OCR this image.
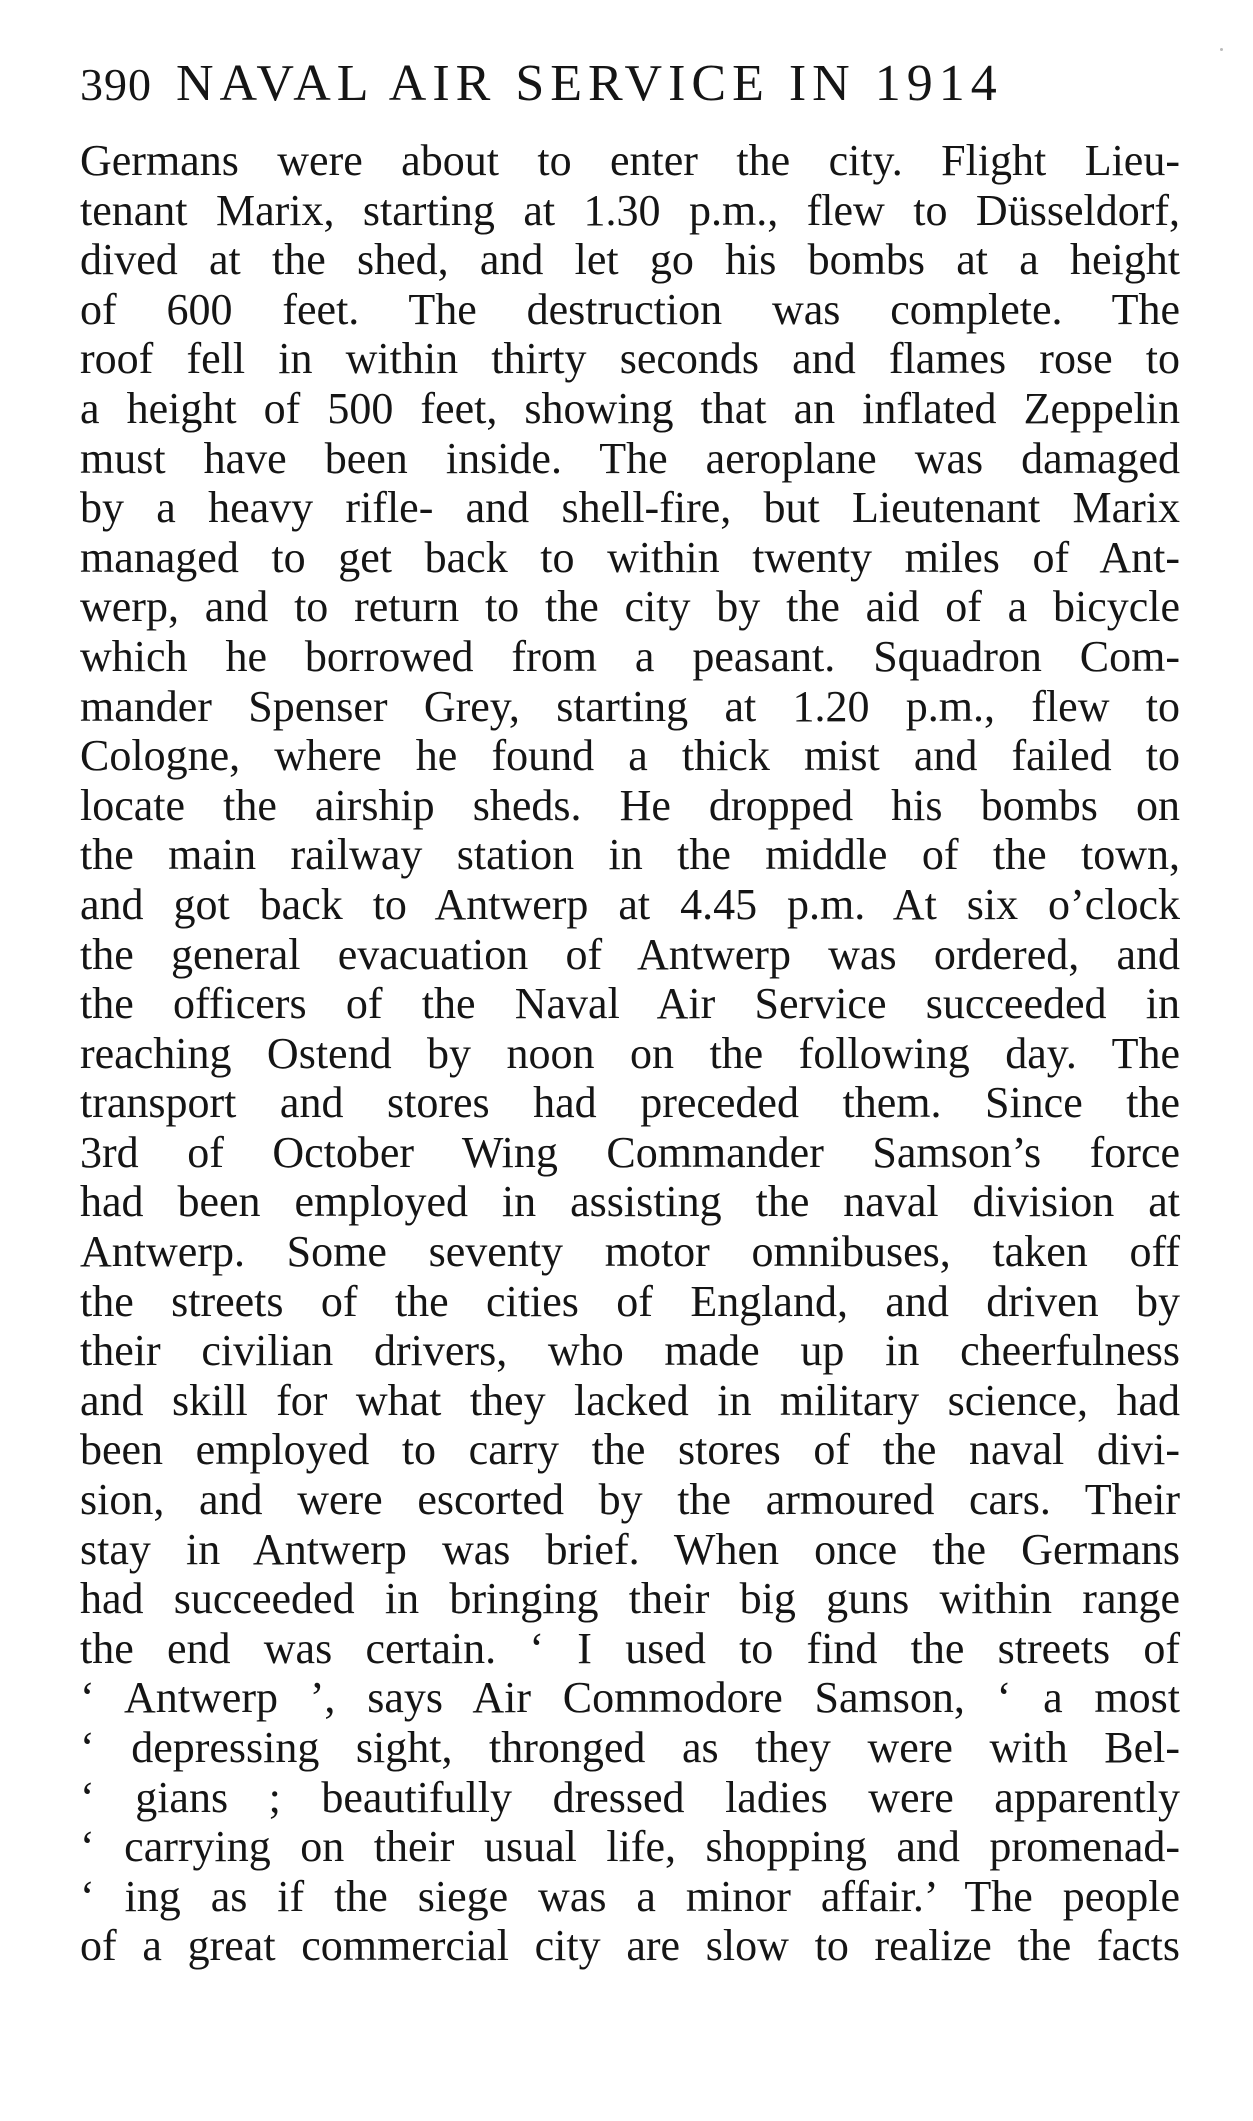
390 NAVAL AIR SERVICE IN 1914
Germans were about to enter the city. Flight Lieu-
tenant Marix, starting at 1.30 p.m., flew to Düsseldorf,
dived at the shed, and let go his bombs at a height
of 600 feet. The destruction was complete. The
roof fell in within thirty seconds and flames rose to
a height of 500 feet, showing that an inflated Zeppelin
must have been inside. The aeroplane was damaged
by a heavy rifle- and shell-fire, but Lieutenant Marix
managed to get back to within twenty miles of Ant-
werp, and to return to the city by the aid of a bicycle
which he borrowed from a peasant. Squadron Com-
mander Spenser Grey, starting at 1.20 p.m., flew to
Cologne, where he found a thick mist and failed to
locate the airship sheds. He dropped his bombs on
the main railway station in the middle of the town,
and got back to Antwerp at 4.45 p.m. At six o’clock
the general evacuation of Antwerp was ordered, and
the officers of the Naval Air Service succeeded in
reaching Ostend by noon on the following day. The
transport and stores had preceded them. Since the
3rd of October Wing Commander Samson’s force
had been employed in assisting the naval division at
Antwerp. Some seventy motor omnibuses, taken off
the streets of the cities of England, and driven by
their civilian drivers, who made up in cheerfulness
and skill for what they lacked in military science, had
been employed to carry the stores of the naval divi-
sion, and were escorted by the armoured cars. Their
stay in Antwerp was brief. When once the Germans
had succeeded in bringing their big guns within range
the end was certain. ‘ I used to find the streets of
‘ Antwerp ’, says Air Commodore Samson, ‘ a most
‘ depressing sight, thronged as they were with Bel-
‘ gians ; beautifully dressed ladies were apparently
‘ carrying on their usual life, shopping and promenad-
‘ ing as if the siege was a minor affair.’ The people
of a great commercial city are slow to realize the facts
